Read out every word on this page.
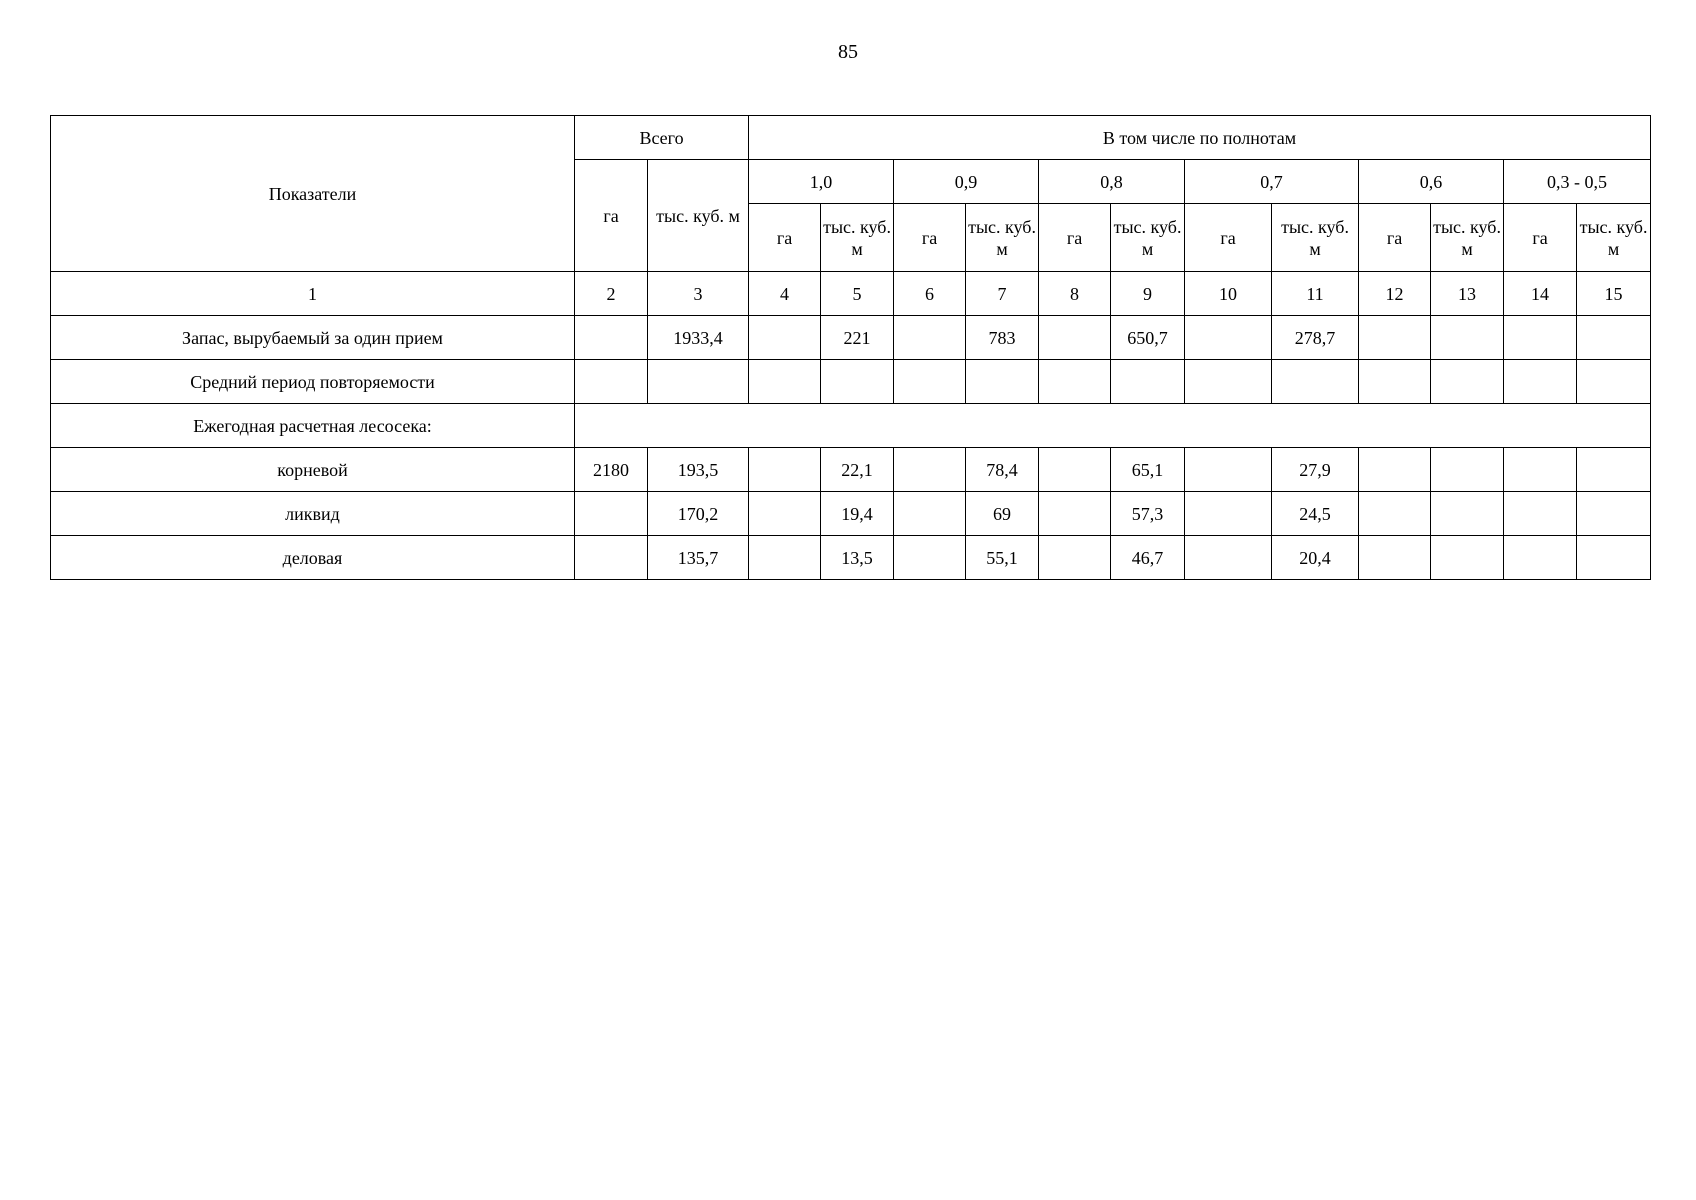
85
Показатели	Всего		В том числе по полнотам											
	га	тыс. куб. м	1,0		0,9		0,8		0,7		0,6		0,3 - 0,5	
			га	тыс. куб. м	га	тыс. куб. м	га	тыс. куб. м	га	тыс. куб. м	га	тыс. куб. м	га	тыс. куб. м
1	2	3	4	5	6	7	8	9	10	11	12	13	14	15
Запас, вырубаемый за один прием		1933,4		221		783		650,7		278,7				
Средний период повторяемости														
Ежегодная расчетная лесосека:														
корневой	2180	193,5		22,1		78,4		65,1		27,9				
ликвид		170,2		19,4		69		57,3		24,5				
деловая		135,7		13,5		55,1		46,7		20,4				
